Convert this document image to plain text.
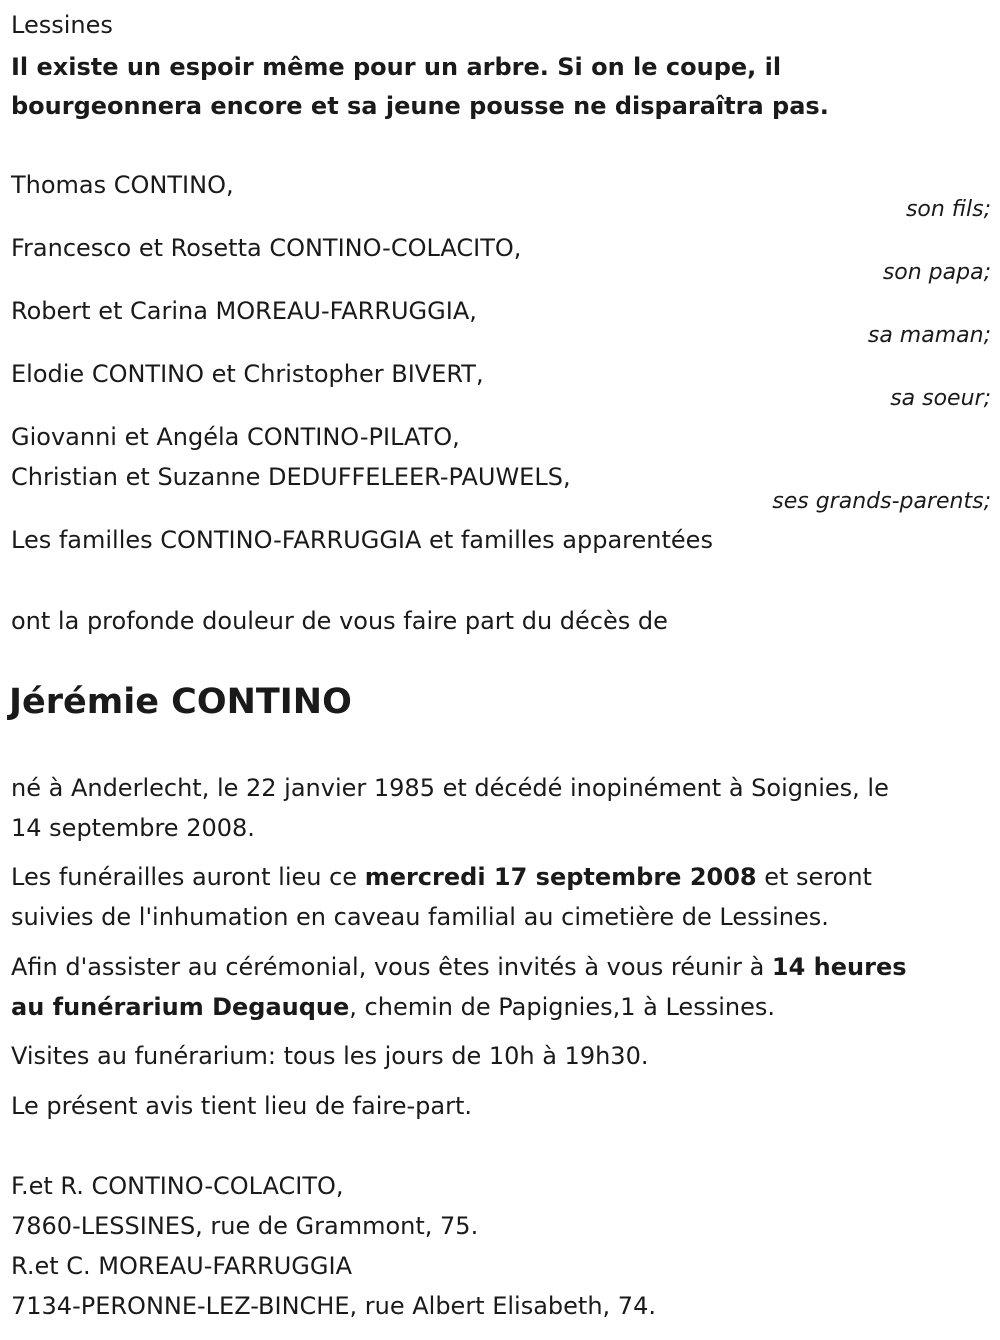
Lessines
Il existe un espoir même pour un arbre. Si on le coupe, il
bourgeonnera encore et sa jeune pousse ne disparaîtra pas.
Thomas CONTINO,
son fils;
Francesco et Rosetta CONTINO-COLACITO,
son papa;
Robert et Carina MOREAU-FARRUGGIA,
sa maman;
Elodie CONTINO et Christopher BIVERT,
sa soeur;
Giovanni et Angéla CONTINO-PILATO,
Christian et Suzanne DEDUFFELEER-PAUWELS,
ses grands-parents;
Les familles CONTINO-FARRUGGIA et familles apparentées
ont la profonde douleur de vous faire part du décès de
Jérémie CONTINO
né à Anderlecht, le 22 janvier 1985 et décédé inopinément à Soignies, le
14 septembre 2008.
Les funérailles auront lieu ce mercredi 17 septembre 2008 et seront
suivies de l'inhumation en caveau familial au cimetière de Lessines.
Afin d'assister au cérémonial, vous êtes invités à vous réunir à 14 heures
au funérarium Degauque, chemin de Papignies,1 à Lessines.
Visites au funérarium: tous les jours de 10h à 19h30.
Le présent avis tient lieu de faire-part.
F.et R. CONTINO-COLACITO,
7860-LESSINES, rue de Grammont, 75.
R.et C. MOREAU-FARRUGGIA
7134-PERONNE-LEZ-BINCHE, rue Albert Elisabeth, 74.
